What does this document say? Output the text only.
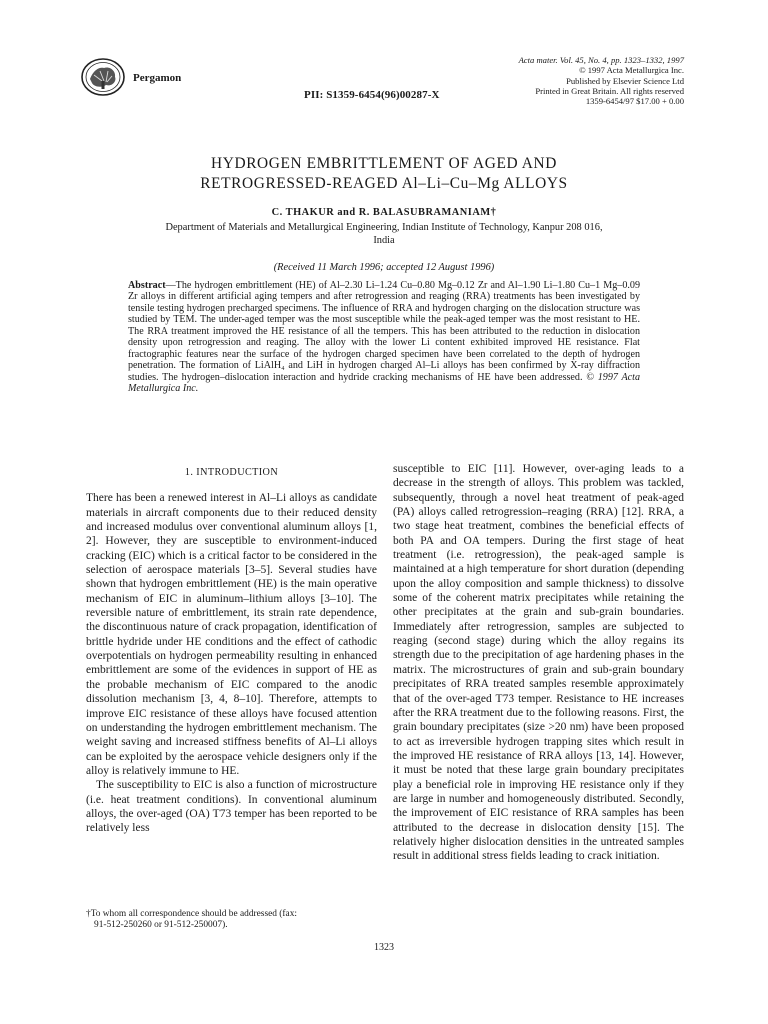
Pergamon
PII: S1359-6454(96)00287-X
Acta mater. Vol. 45, No. 4, pp. 1323–1332, 1997
© 1997 Acta Metallurgica Inc.
Published by Elsevier Science Ltd
Printed in Great Britain. All rights reserved
1359-6454/97 $17.00 + 0.00
HYDROGEN EMBRITTLEMENT OF AGED AND
RETROGRESSED-REAGED Al–Li–Cu–Mg ALLOYS
C. THAKUR and R. BALASUBRAMANIAM†
Department of Materials and Metallurgical Engineering, Indian Institute of Technology, Kanpur 208 016,
India
(Received 11 March 1996; accepted 12 August 1996)
Abstract—The hydrogen embrittlement (HE) of Al–2.30 Li–1.24 Cu–0.80 Mg–0.12 Zr and Al–1.90 Li–1.80 Cu–1 Mg–0.09 Zr alloys in different artificial aging tempers and after retrogression and reaging (RRA) treatments has been investigated by tensile testing hydrogen precharged specimens. The influence of RRA and hydrogen charging on the dislocation structure was studied by TEM. The under-aged temper was the most susceptible while the peak-aged temper was the most resistant to HE. The RRA treatment improved the HE resistance of all the tempers. This has been attributed to the reduction in dislocation density upon retrogression and reaging. The alloy with the lower Li content exhibited improved HE resistance. Flat fractographic features near the surface of the hydrogen charged specimen have been correlated to the depth of hydrogen penetration. The formation of LiAlH₄ and LiH in hydrogen charged Al–Li alloys has been confirmed by X-ray diffraction studies. The hydrogen–dislocation interaction and hydride cracking mechanisms of HE have been addressed. © 1997 Acta Metallurgica Inc.
1. INTRODUCTION

There has been a renewed interest in Al–Li alloys as candidate materials in aircraft components due to their reduced density and increased modulus over conventional aluminum alloys [1, 2]. However, they are susceptible to environment-induced cracking (EIC) which is a critical factor to be considered in the selection of aerospace materials [3–5]. Several studies have shown that hydrogen embrittlement (HE) is the main operative mechanism of EIC in aluminum–lithium alloys [3–10]. The reversible nature of embrittlement, its strain rate dependence, the discontinuous nature of crack propagation, identification of brittle hydride under HE conditions and the effect of cathodic overpotentials on hydrogen permeability resulting in enhanced embrittlement are some of the evidences in support of HE as the probable mechanism of EIC compared to the anodic dissolution mechanism [3, 4, 8–10]. Therefore, attempts to improve EIC resistance of these alloys have focused attention on understanding the hydrogen embrittlement mechanism. The weight saving and increased stiffness benefits of Al–Li alloys can be exploited by the aerospace vehicle designers only if the alloy is relatively immune to HE.

The susceptibility to EIC is also a function of microstructure (i.e. heat treatment conditions). In conventional aluminum alloys, the over-aged (OA) T73 temper has been reported to be relatively less

susceptible to EIC [11]. However, over-aging leads to a decrease in the strength of alloys. This problem was tackled, subsequently, through a novel heat treatment of peak-aged (PA) alloys called retrogression–reaging (RRA) [12]. RRA, a two stage heat treatment, combines the beneficial effects of both PA and OA tempers. During the first stage of heat treatment (i.e. retrogression), the peak-aged sample is maintained at a high temperature for short duration (depending upon the alloy composition and sample thickness) to dissolve some of the coherent matrix precipitates while retaining the other precipitates at the grain and sub-grain boundaries. Immediately after retrogression, samples are subjected to reaging (second stage) during which the alloy regains its strength due to the precipitation of age hardening phases in the matrix. The microstructures of grain and sub-grain boundary precipitates of RRA treated samples resemble approximately that of the over-aged T73 temper. Resistance to HE increases after the RRA treatment due to the following reasons. First, the grain boundary precipitates (size >20 nm) have been proposed to act as irreversible hydrogen trapping sites which result in the improved HE resistance of RRA alloys [13, 14]. However, it must be noted that these large grain boundary precipitates play a beneficial role in improving HE resistance only if they are large in number and homogeneously distributed. Secondly, the improvement of EIC resistance of RRA samples has been attributed to the decrease in dislocation density [15]. The relatively higher dislocation densities in the untreated samples result in additional stress fields leading to crack initiation.

†To whom all correspondence should be addressed (fax:
91-512-250260 or 91-512-250007).
1323
